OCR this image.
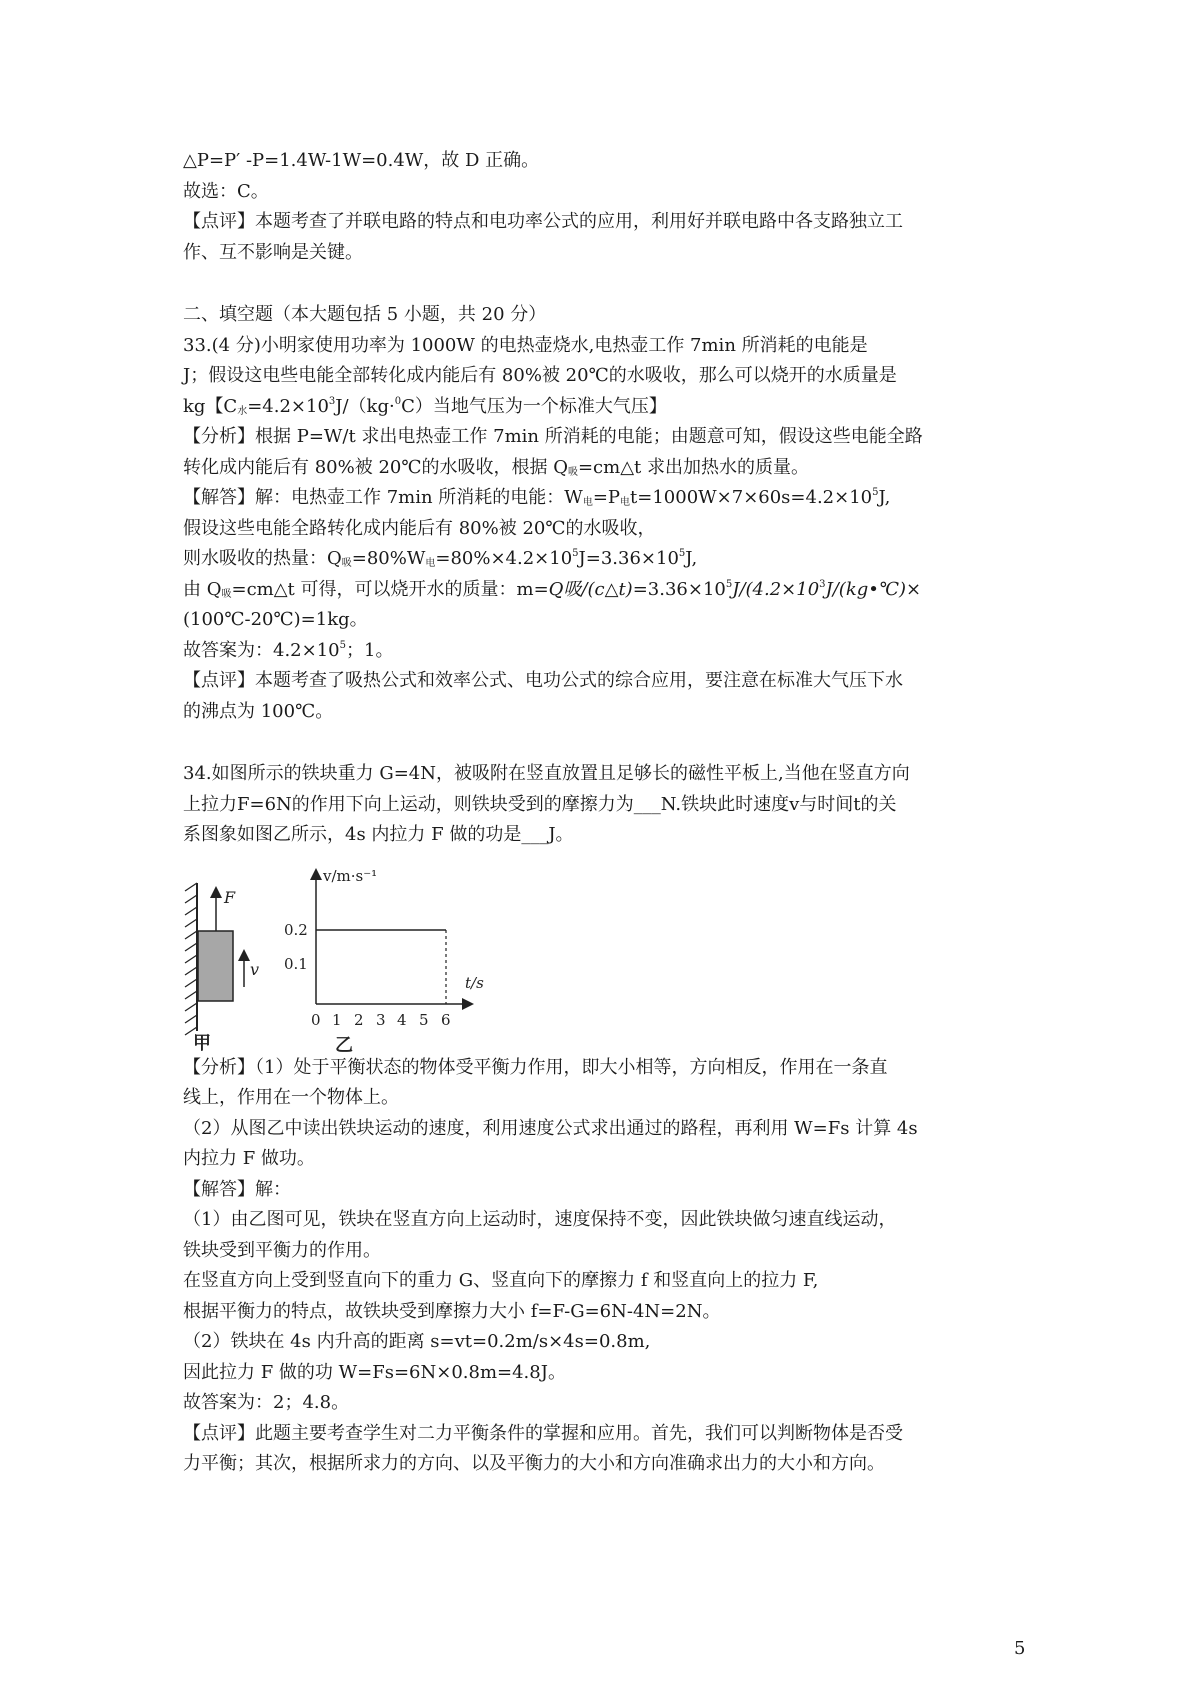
△P=P′ -P=1.4W-1W=0.4W，故 D 正确。

故选：C。

【点评】本题考查了并联电路的特点和电功率公式的应用，利用好并联电路中各支路独立工

作、互不影响是关键。

二、填空题（本大题包括 5 小题，共 20 分）

33.(4 分)小明家使用功率为 1000W 的电热壶烧水,电热壶工作 7min 所消耗的电能是

J；假设这电些电能全部转化成内能后有 80%被 20℃的水吸收，那么可以烧开的水质量是

kg【$C_水=4.2\times 10^3J/(kg\cdot^0C)$当地气压为一个标准大气压】

【分析】根据 P=W/t 求出电热壶工作 7min 所消耗的电能；由题意可知，假设这些电能全路

转化成内能后有 80%被 20℃的水吸收，根据 $Q_吸=cm\triangle t$ 求出加热水的质量。

【解答】解：电热壶工作 7min 所消耗的电能：$W_电=P_电t=1000W\times 7\times 60s=4.2\times 10^5J$,

假设这些电能全路转化成内能后有 80%被 20℃的水吸收，

则水吸收的热量：$Q_吸=80\%W_电=80\%\times 4.2\times 10^5J=3.36\times 10^5J$,

由 $Q_吸=cm\triangle t$ 可得，可以烧开水的质量：m=Q吸$/(c\triangle t)=3.36\times 10^5J/(4.2\times 10^3J/(kg•℃)\times$

(100℃-20℃)=1kg。

故答案为：$4.2\times 10^5$；1。

【点评】本题考查了吸热公式和效率公式、电功公式的综合应用，要注意在标准大气压下水

的沸点为 100℃。

34.如图所示的铁块重力 G=4N，被吸附在竖直放置且足够长的磁性平板上,当他在竖直方向

上拉力F=6N的作用下向上运动，则铁块受到的摩擦力为___N.铁块此时速度v与时间t的关

系图象如图乙所示，4s 内拉力 F 做的功是___J。

F
v
甲
v/m·s⁻¹
t/s
0.2
0.1
0 1 2 3 4 5 6
乙

【分析】（1）处于平衡状态的物体受平衡力作用，即大小相等，方向相反，作用在一条直

线上，作用在一个物体上。

（2）从图乙中读出铁块运动的速度，利用速度公式求出通过的路程，再利用 W=Fs 计算 4s

内拉力 F 做功。

【解答】解：

（1）由乙图可见，铁块在竖直方向上运动时，速度保持不变，因此铁块做匀速直线运动，

铁块受到平衡力的作用。

在竖直方向上受到竖直向下的重力 G、竖直向下的摩擦力 f 和竖直向上的拉力 F,

根据平衡力的特点，故铁块受到摩擦力大小 f=F-G=6N-4N=2N。

（2）铁块在 4s 内升高的距离 s=vt=0.2m/s×4s=0.8m,

因此拉力 F 做的功 W=Fs=6N×0.8m=4.8J。

故答案为：2；4.8。

【点评】此题主要考查学生对二力平衡条件的掌握和应用。首先，我们可以判断物体是否受

力平衡；其次，根据所求力的方向、以及平衡力的大小和方向准确求出力的大小和方向。

5
